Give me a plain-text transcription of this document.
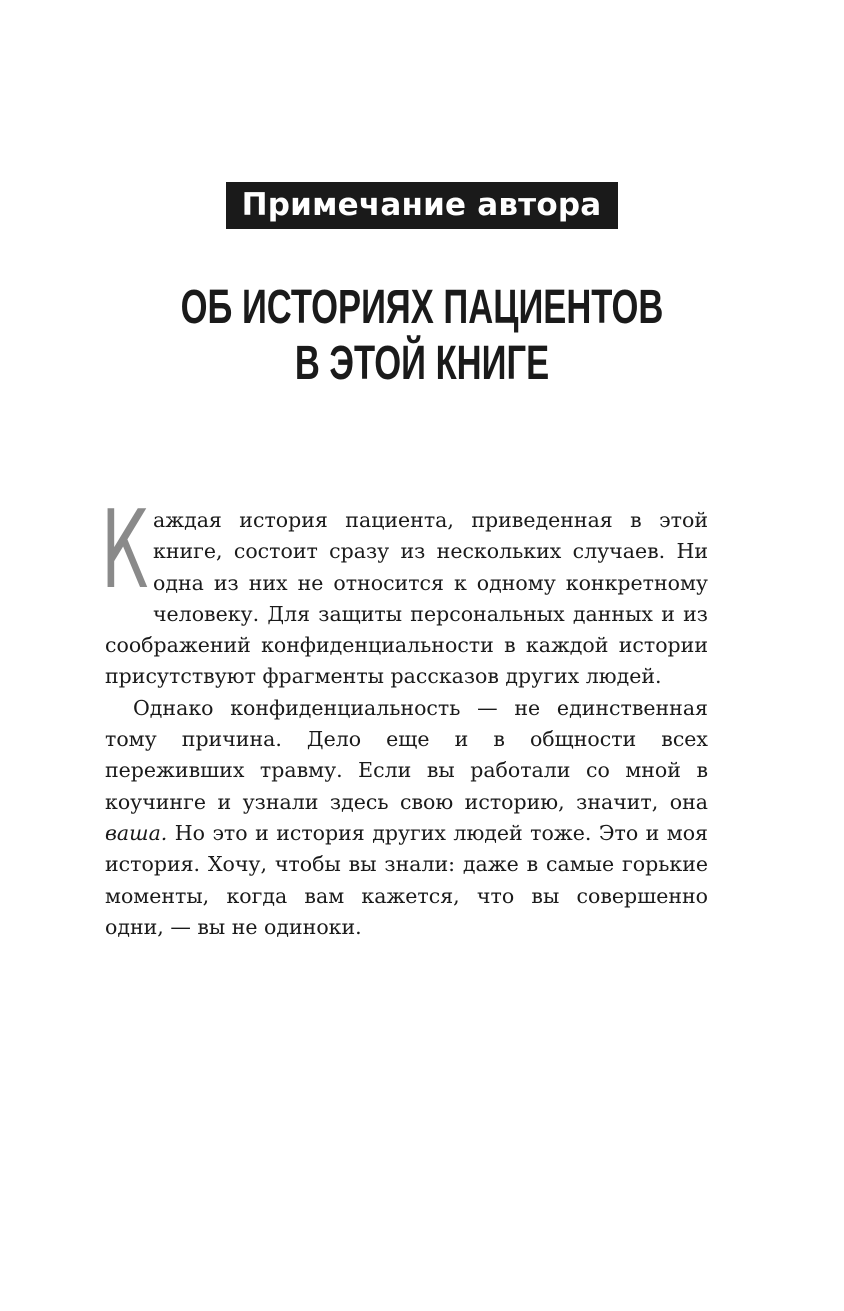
Примечание автора
ОБ ИСТОРИЯХ ПАЦИЕНТОВ
В ЭТОЙ КНИГЕ

Каждая история пациента, приведенная в этой книге, состоит сразу из нескольких случаев. Ни одна из них не относится к одному конкретному человеку. Для защиты персональных данных и из соображений конфиденциальности в каждой истории присутствуют фрагменты рассказов других людей.

Однако конфиденциальность — не единственная тому причина. Дело еще и в общности всех переживших травму. Если вы работали со мной в коучинге и узнали здесь свою историю, значит, она ваша. Но это и история других людей тоже. Это и моя история. Хочу, чтобы вы знали: даже в самые горькие моменты, когда вам кажется, что вы совершенно одни, — вы не одиноки.
